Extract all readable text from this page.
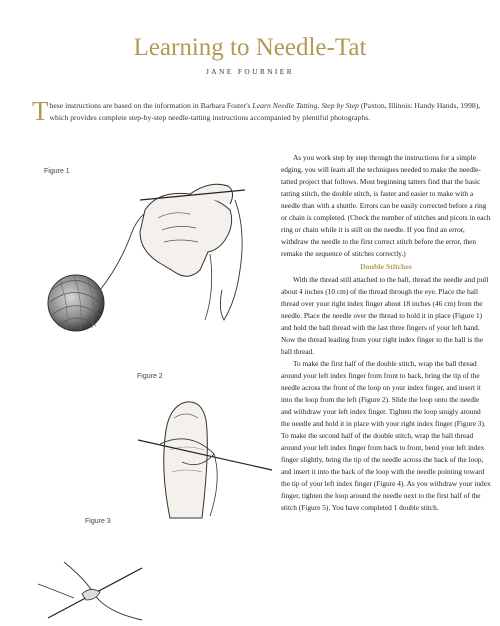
Learning to Needle-Tat
JANE FOURNIER
These instructions are based on the information in Barbara Foster's Learn Needle Tatting, Step by Step (Paxton, Illinois: Handy Hands, 1998), which provides complete step-by-step needle-tatting instructions accompanied by plentiful photographs.
Figure 1
Figure 2
Figure 3

As you work step by step through the instructions for a simple edging, you will learn all the techniques needed to make the needle-tatted project that follows. Most beginning tatters find that the basic tatting stitch, the double stitch, is faster and easier to make with a needle than with a shuttle. Errors can be easily corrected before a ring or chain is completed. (Check the number of stitches and picots in each ring or chain while it is still on the needle. If you find an error, withdraw the needle to the first correct stitch before the error, then remake the sequence of stitches correctly.)

Double Stitches

With the thread still attached to the ball, thread the needle and pull about 4 inches (10 cm) of the thread through the eye. Place the ball thread over your right index finger about 18 inches (46 cm) from the needle. Place the needle over the thread to hold it in place (Figure 1) and hold the ball thread with the last three fingers of your left hand. Now the thread leading from your right index finger to the ball is the ball thread.

To make the first half of the double stitch, wrap the ball thread around your left index finger from front to back, bring the tip of the needle across the front of the loop on your index finger, and insert it into the loop from the left (Figure 2). Slide the loop onto the needle and withdraw your left index finger. Tighten the loop snugly around the needle and hold it in place with your right index finger (Figure 3). To make the second half of the double stitch, wrap the ball thread around your left index finger from back to front, bend your left index finger slightly, bring the tip of the needle across the back of the loop, and insert it into the back of the loop with the needle pointing toward the tip of your left index finger (Figure 4). As you withdraw your index finger, tighten the loop around the needle next to the first half of the stitch (Figure 5). You have completed 1 double stitch.
